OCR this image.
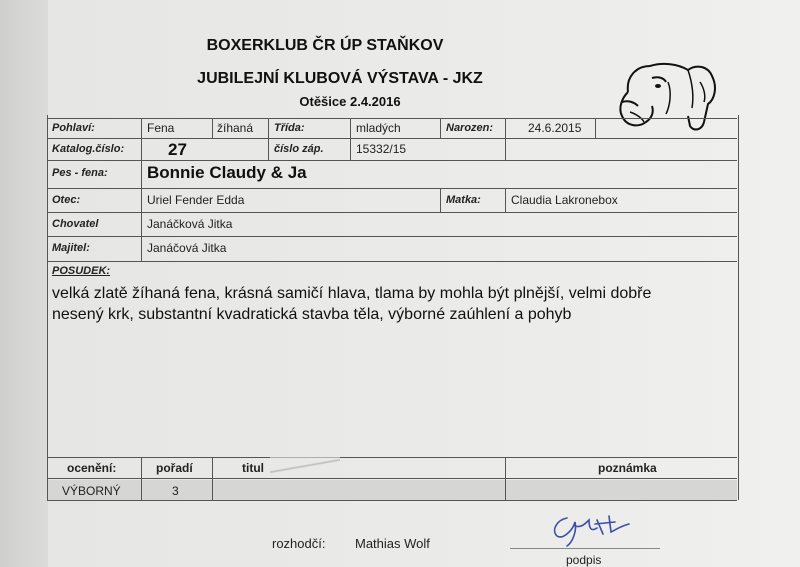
BOXERKLUB ČR ÚP STAŇKOV
JUBILEJNÍ KLUBOVÁ VÝSTAVA - JKZ
Otěšice 2.4.2016
Pohlaví:	Fena	žíhaná Třída:	mladých	Narozen:	24.6.2015
Katalog.číslo:	27	číslo záp.	15332/15
Pes - fena: Bonnie Claudy & Ja
Otec:	Uriel Fender Edda	Matka:	Claudia Lakronebox
Chovatel	Janáčková Jitka
Majitel:	Janáčová Jitka
POSUDEK:
velká zlatě žíhaná fena, krásná samičí hlava, tlama by mohla být plnější, velmi dobře
nesený krk, substantní kvadratická stavba těla, výborné zaúhlení a pohyb
ocenění:	pořadí	titul	poznámka
VÝBORNÝ	3
rozhodčí: Mathias Wolf
podpis
